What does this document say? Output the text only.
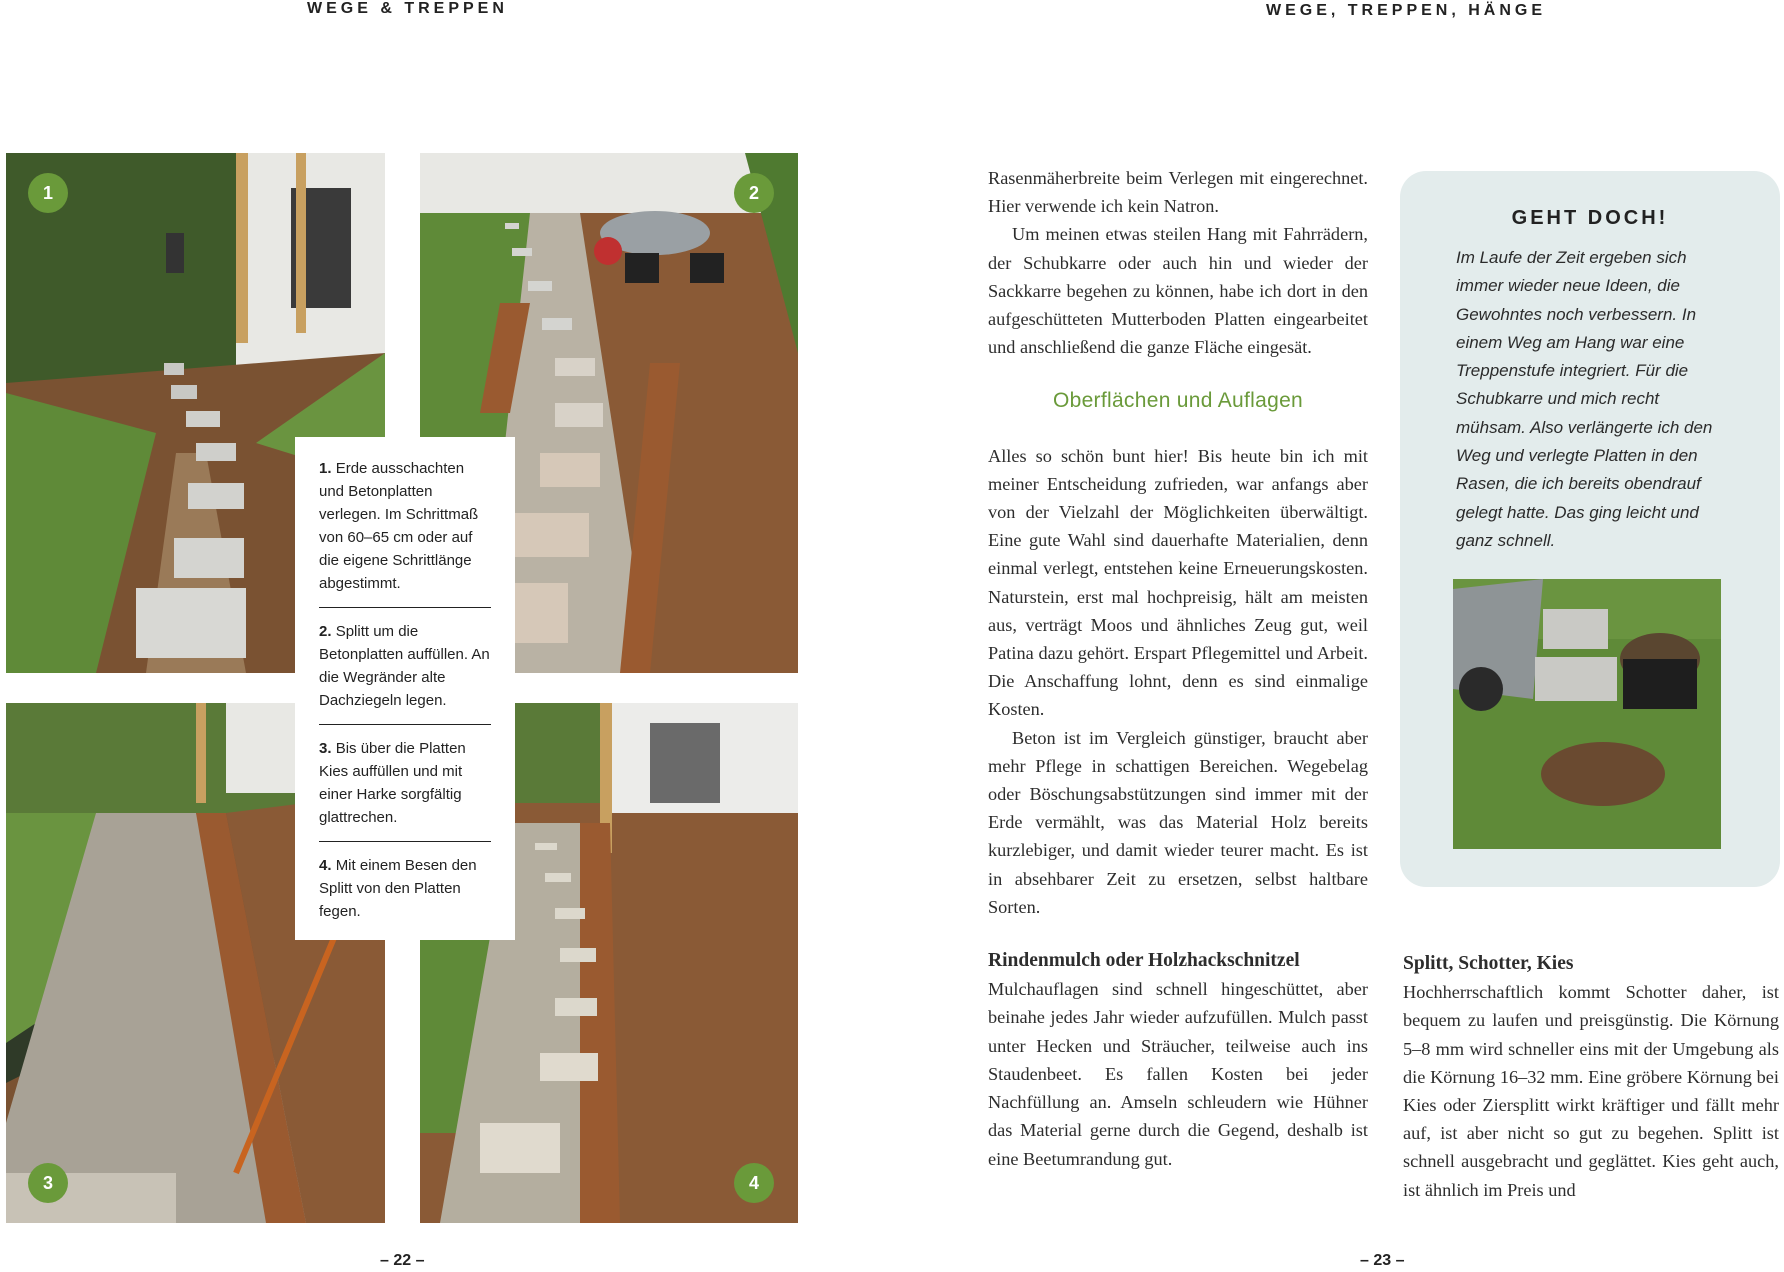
WEGE & TREPPEN	WEGE, TREPPEN, HÄNGE
1	2
3	4
1. Erde ausschachten und Betonplatten verlegen. Im Schrittmaß von 60–65 cm oder auf die eigene Schrittlänge abgestimmt.
2. Splitt um die Betonplatten auffüllen. An die Wegränder alte Dachziegeln legen.
3. Bis über die Platten Kies auffüllen und mit einer Harke sorgfältig glattrechen.
4. Mit einem Besen den Splitt von den Platten fegen.

Rasenmäherbreite beim Verlegen mit eingerechnet. Hier verwende ich kein Natron.

Um meinen etwas steilen Hang mit Fahrrädern, der Schubkarre oder auch hin und wieder der Sackkarre begehen zu können, habe ich dort in den aufgeschütteten Mutterboden Platten eingearbeitet und anschließend die ganze Fläche eingesät.

Oberflächen und Auflagen

Alles so schön bunt hier! Bis heute bin ich mit meiner Entscheidung zufrieden, war anfangs aber von der Vielzahl der Möglichkeiten überwältigt. Eine gute Wahl sind dauerhafte Materialien, denn einmal verlegt, entstehen keine Erneuerungskosten. Naturstein, erst mal hochpreisig, hält am meisten aus, verträgt Moos und ähnliches Zeug gut, weil Patina dazu gehört. Erspart Pflegemittel und Arbeit. Die Anschaffung lohnt, denn es sind einmalige Kosten.

Beton ist im Vergleich günstiger, braucht aber mehr Pflege in schattigen Bereichen. Wegebelag oder Böschungsabstützungen sind immer mit der Erde vermählt, was das Material Holz bereits kurzlebiger, und damit wieder teurer macht. Es ist in absehbarer Zeit zu ersetzen, selbst haltbare Sorten.

Rindenmulch oder Holzhackschnitzel

Mulchauflagen sind schnell hingeschüttet, aber beinahe jedes Jahr wieder aufzufüllen. Mulch passt unter Hecken und Sträucher, teilweise auch ins Staudenbeet. Es fallen Kosten bei jeder Nachfüllung an. Amseln schleudern wie Hühner das Material gerne durch die Gegend, deshalb ist eine Beetumrandung gut.

GEHT DOCH!
Im Laufe der Zeit ergeben sich immer wieder neue Ideen, die Gewohntes noch verbessern. In einem Weg am Hang war eine Treppenstufe integriert. Für die Schubkarre und mich recht mühsam. Also verlängerte ich den Weg und verlegte Platten in den Rasen, die ich bereits obendrauf gelegt hatte. Das ging leicht und ganz schnell.
Splitt, Schotter, Kies

Hochherrschaftlich kommt Schotter daher, ist bequem zu laufen und preisgünstig. Die Körnung 5–8 mm wird schneller eins mit der Umgebung als die Körnung 16–32 mm. Eine gröbere Körnung bei Kies oder Ziersplitt wirkt kräftiger und fällt mehr auf, ist aber nicht so gut zu begehen. Splitt ist schnell ausgebracht und geglättet. Kies geht auch, ist ähnlich im Preis und

– 22 –	– 23 –
